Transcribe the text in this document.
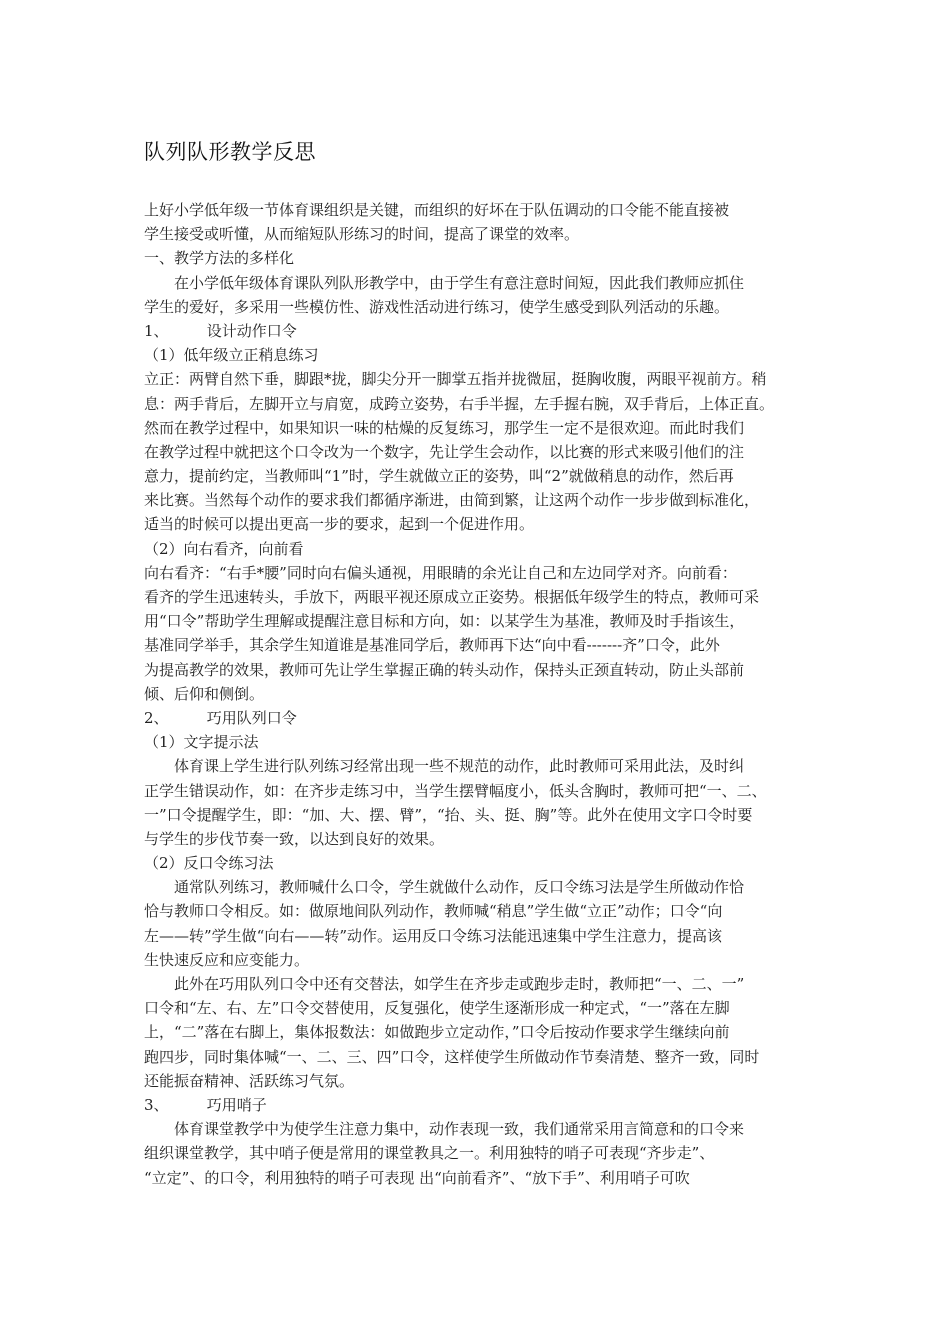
队列队形教学反思
上好小学低年级一节体育课组织是关键，而组织的好坏在于队伍调动的口令能不能直接被
学生接受或听懂，从而缩短队形练习的时间，提高了课堂的效率。
一、教学方法的多样化
在小学低年级体育课队列队形教学中，由于学生有意注意时间短，因此我们教师应抓住
学生的爱好，多采用一些模仿性、游戏性活动进行练习，使学生感受到队列活动的乐趣。
1、        设计动作口令
（1）低年级立正稍息练习
立正：两臂自然下垂，脚跟*拢，脚尖分开一脚掌五指并拢微屈，挺胸收腹，两眼平视前方。稍
息：两手背后，左脚开立与肩宽，成跨立姿势，右手半握，左手握右腕，双手背后，上体正直。
然而在教学过程中，如果知识一味的枯燥的反复练习，那学生一定不是很欢迎。而此时我们
在教学过程中就把这个口令改为一个数字，先让学生会动作，以比赛的形式来吸引他们的注
意力，提前约定，当教师叫“1”时，学生就做立正的姿势，叫“2”就做稍息的动作，然后再
来比赛。当然每个动作的要求我们都循序渐进，由简到繁，让这两个动作一步步做到标准化，
适当的时候可以提出更高一步的要求，起到一个促进作用。
（2）向右看齐，向前看
向右看齐：“右手*腰”同时向右偏头通视，用眼睛的余光让自己和左边同学对齐。向前看：
看齐的学生迅速转头，手放下，两眼平视还原成立正姿势。根据低年级学生的特点，教师可采
用“口令”帮助学生理解或提醒注意目标和方向，如：以某学生为基准，教师及时手指该生，
基准同学举手，其余学生知道谁是基准同学后，教师再下达“向中看-------齐”口令，此外
为提高教学的效果，教师可先让学生掌握正确的转头动作，保持头正颈直转动，防止头部前
倾、后仰和侧倒。
2、        巧用队列口令
（1）文字提示法
体育课上学生进行队列练习经常出现一些不规范的动作，此时教师可采用此法，及时纠
正学生错误动作，如：在齐步走练习中，当学生摆臂幅度小，低头含胸时，教师可把“一、二、
一”口令提醒学生，即：“加、大、摆、臂”，“抬、头、挺、胸”等。此外在使用文字口令时要
与学生的步伐节奏一致，以达到良好的效果。
（2）反口令练习法
通常队列练习，教师喊什么口令，学生就做什么动作，反口令练习法是学生所做动作恰
恰与教师口令相反。如：做原地间队列动作，教师喊“稍息”学生做“立正”动作；口令“向
左——转”学生做“向右——转”动作。运用反口令练习法能迅速集中学生注意力，提高该
生快速反应和应变能力。
此外在巧用队列口令中还有交替法，如学生在齐步走或跑步走时，教师把“一、二、一”
口令和“左、右、左”口令交替使用，反复强化，使学生逐渐形成一种定式，“一”落在左脚
上，“二”落在右脚上，集体报数法：如做跑步立定动作，”口令后按动作要求学生继续向前
跑四步，同时集体喊“一、二、三、四”口令，这样使学生所做动作节奏清楚、整齐一致，同时
还能振奋精神、活跃练习气氛。
3、        巧用哨子
体育课堂教学中为使学生注意力集中，动作表现一致，我们通常采用言简意和的口令来
组织课堂教学，其中哨子便是常用的课堂教具之一。利用独特的哨子可表现“齐步走”、
“立定”、的口令，利用独特的哨子可表现 出“向前看齐”、“放下手”、利用哨子可吹
